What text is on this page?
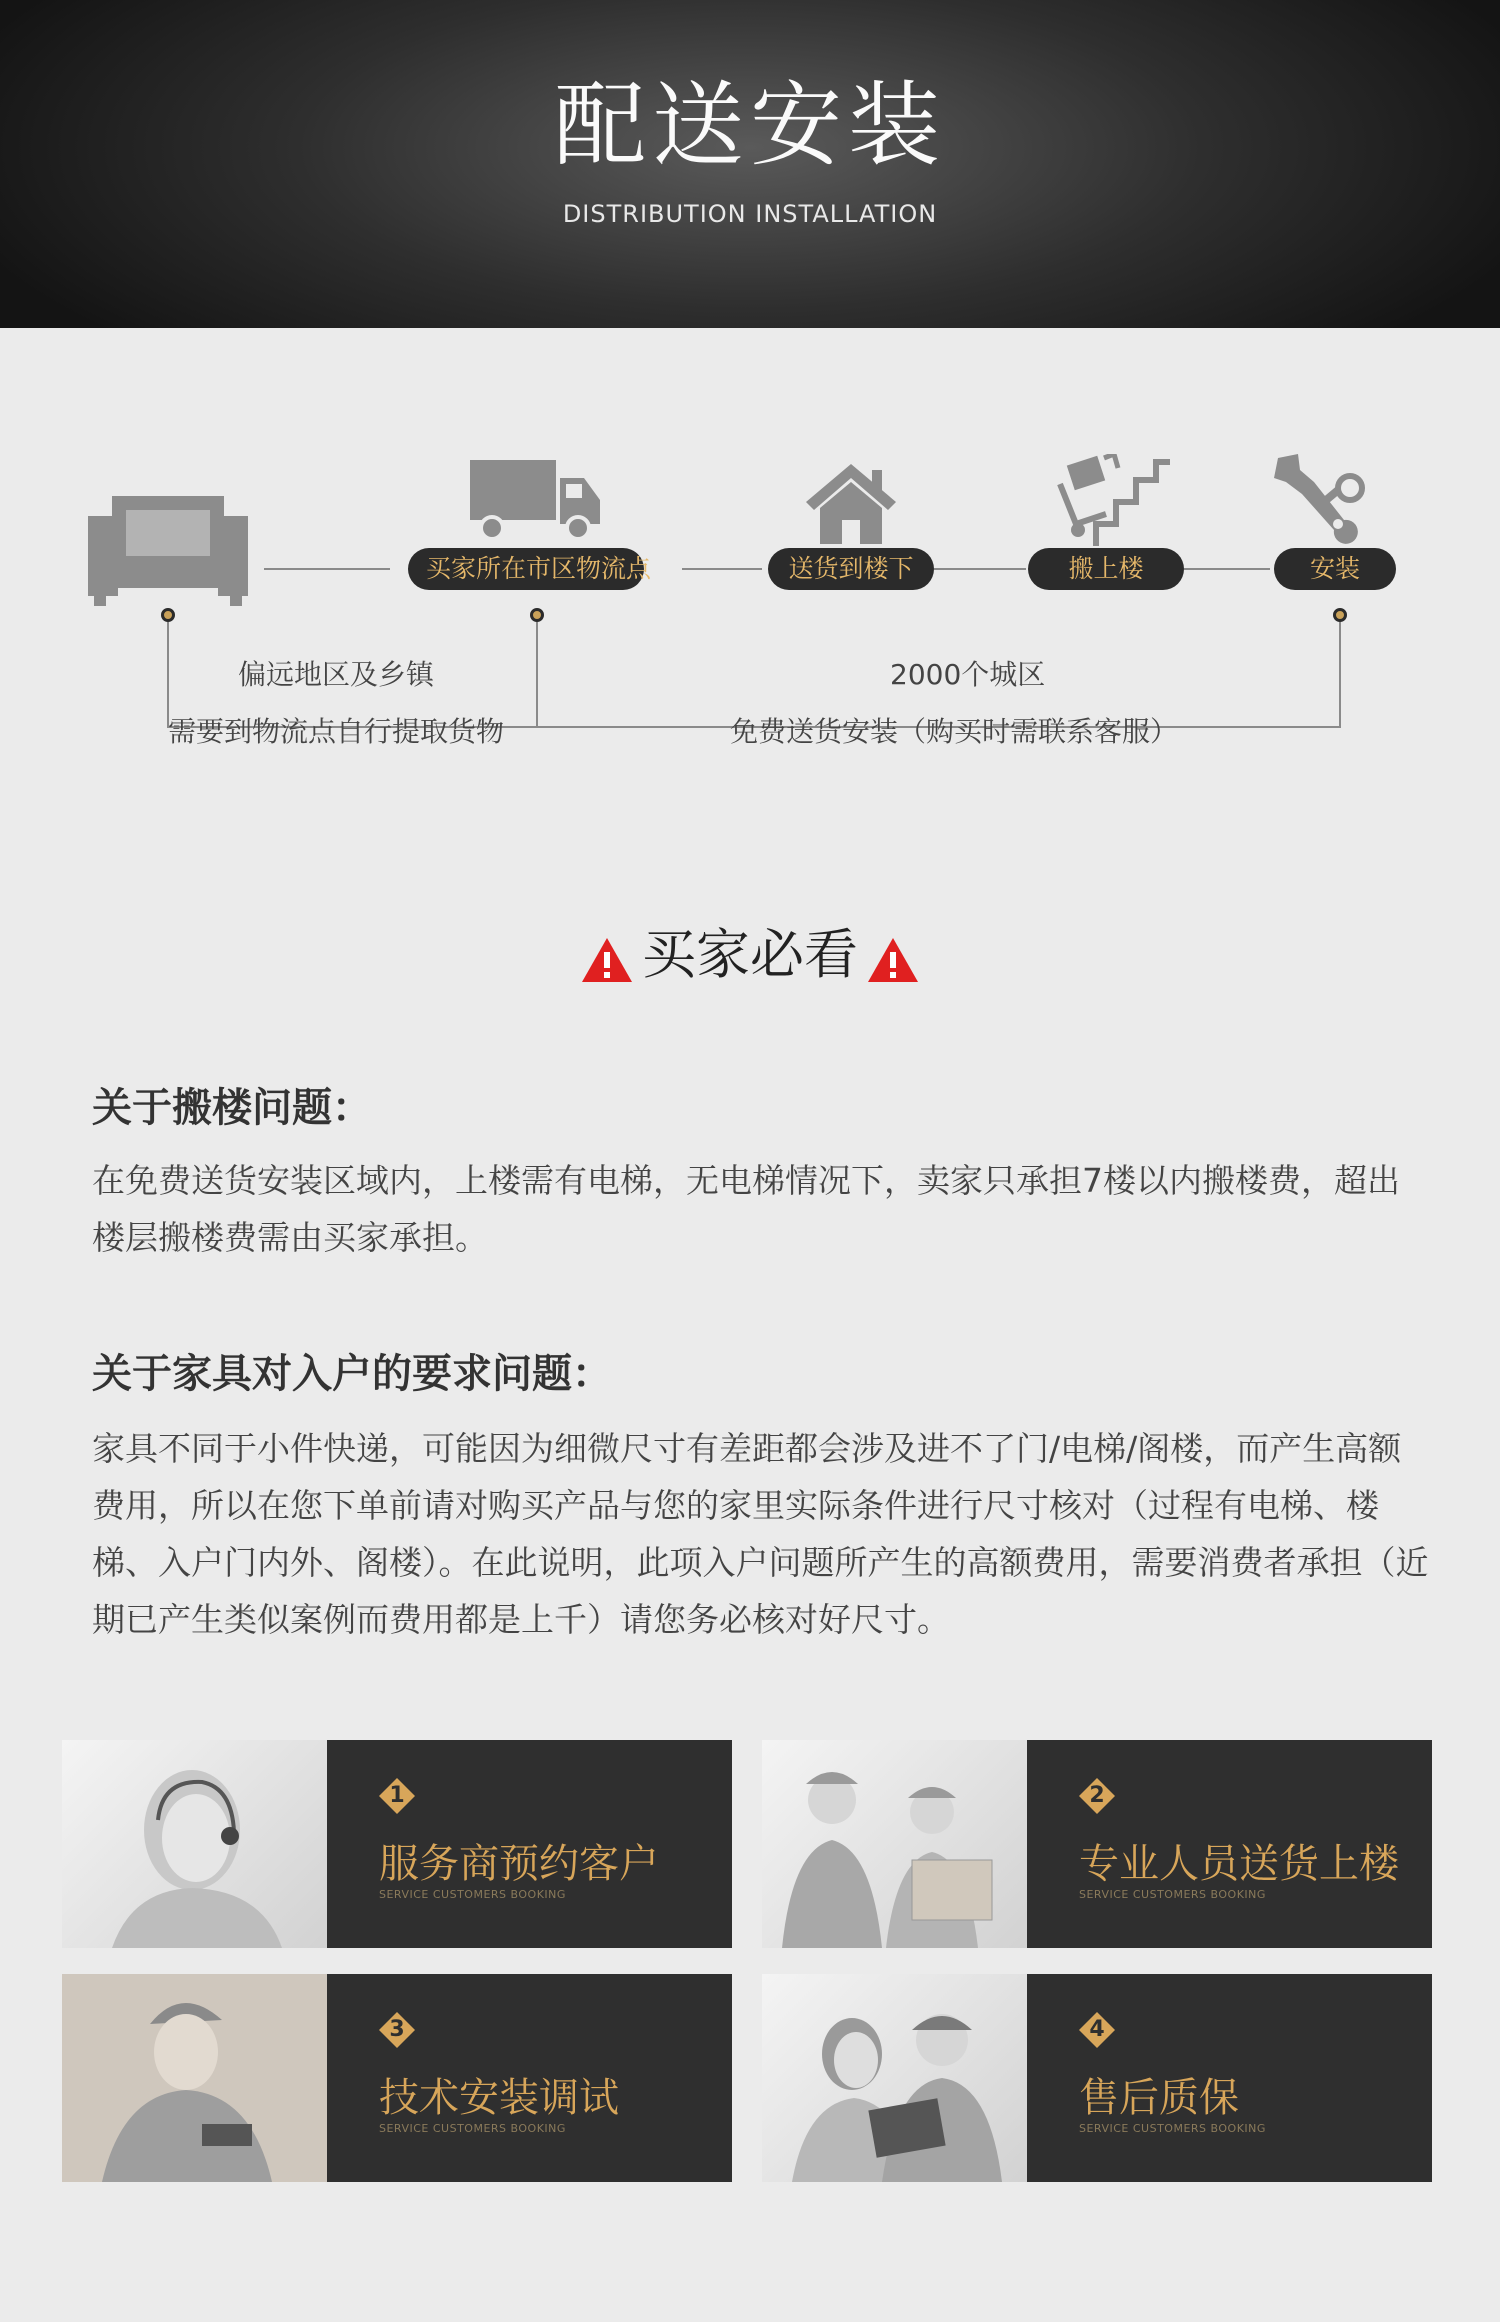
配送安装
DISTRIBUTION INSTALLATION
买家所在市区物流点	送货到楼下	搬上楼	安装
偏远地区及乡镇
需要到物流点自行提取货物
2000个城区
免费送货安装（购买时需联系客服）
买家必看
关于搬楼问题：
在免费送货安装区域内，上楼需有电梯，无电梯情况下，卖家只承担7楼以内搬楼费，超出楼层搬楼费需由买家承担。
关于家具对入户的要求问题：
家具不同于小件快递，可能因为细微尺寸有差距都会涉及进不了门/电梯/阁楼，而产生高额费用，所以在您下单前请对购买产品与您的家里实际条件进行尺寸核对（过程有电梯、楼梯、入户门内外、阁楼）。在此说明，此项入户问题所产生的高额费用，需要消费者承担（近期已产生类似案例而费用都是上千）请您务必核对好尺寸。
1
服务商预约客户
SERVICE CUSTOMERS BOOKING
2
专业人员送货上楼
SERVICE CUSTOMERS BOOKING
3
技术安装调试
SERVICE CUSTOMERS BOOKING
4
售后质保
SERVICE CUSTOMERS BOOKING
